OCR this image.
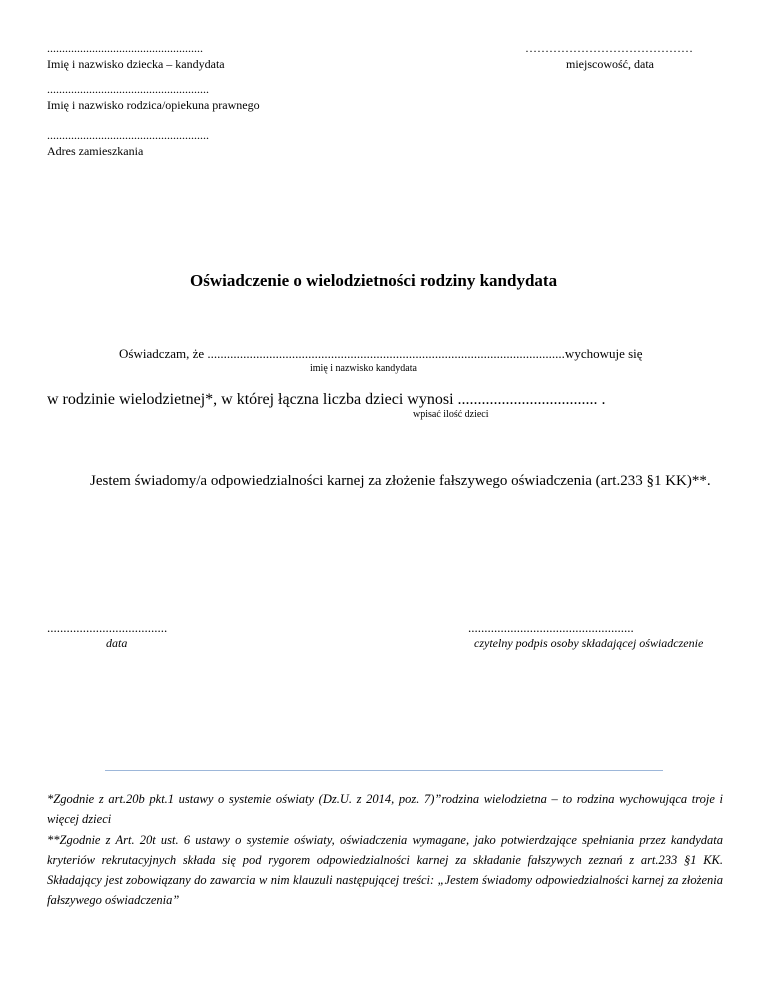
....................................................
Imię i nazwisko dziecka – kandydata
……………………………………
miejscowość, data
......................................................
Imię i nazwisko rodzica/opiekuna prawnego
......................................................
Adres zamieszkania
Oświadczenie o wielodzietności rodziny kandydata
Oświadczam, że ..............................................................................................................wychowuje się
imię i nazwisko kandydata
w rodzinie wielodzietnej*, w której łączna liczba dzieci wynosi ................................... .
wpisać ilość dzieci
Jestem świadomy/a odpowiedzialności karnej za złożenie fałszywego oświadczenia (art.233 §1 KK)**.
.....................................
data
...................................................
czytelny podpis osoby składającej oświadczenie
*Zgodnie z art.20b pkt.1 ustawy o systemie oświaty (Dz.U. z 2014, poz. 7)”rodzina wielodzietna – to rodzina wychowująca troje i więcej dzieci
**Zgodnie z Art. 20t ust. 6 ustawy o systemie oświaty, oświadczenia wymagane, jako potwierdzające spełniania przez kandydata kryteriów rekrutacyjnych składa się pod rygorem odpowiedzialności karnej za składanie fałszywych zeznań z art.233 §1 KK. Składający jest zobowiązany do zawarcia w nim klauzuli następującej treści: „Jestem świadomy odpowiedzialności karnej za złożenia fałszywego oświadczenia”
